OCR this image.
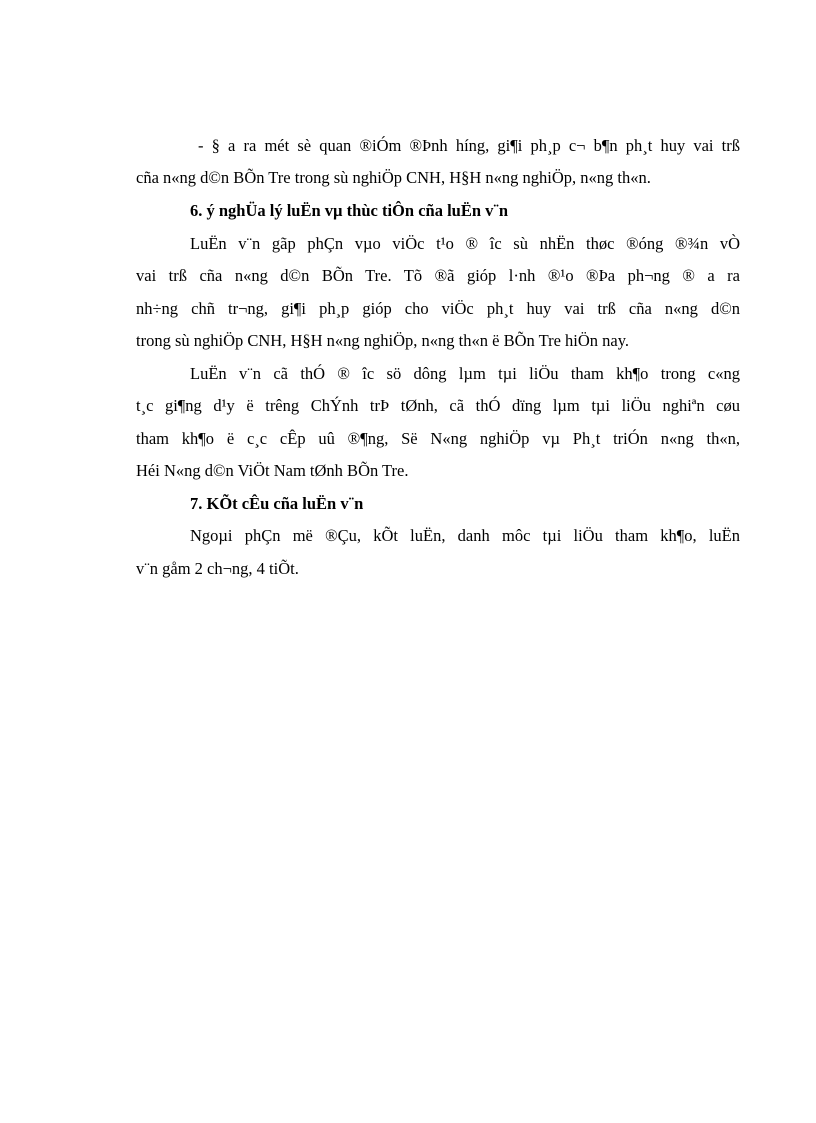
- § a ra mét sè quan ®iÓm ®Þnh híng, gi¶i ph¸p c¬ b¶n ph¸t huy vai trß

cña n«ng d©n BÕn Tre trong sù nghiÖp CNH, H§H n«ng nghiÖp, n«ng th«n.

6. ý nghÜa lý luËn vµ thùc tiÔn cña luËn v¨n

LuËn v¨n gãp phÇn vµo viÖc t¹o ® îc sù nhËn thøc ®óng ®¾n vÒ

vai trß cña n«ng d©n BÕn Tre. Tõ ®ã gióp l·nh ®¹o ®Þa ph¬ng ® a ra

nh÷ng chñ tr¬ng, gi¶i ph¸p gióp cho viÖc ph¸t huy vai trß cña n«ng d©n

trong sù nghiÖp CNH, H§H n«ng nghiÖp, n«ng th«n ë BÕn Tre hiÖn nay.

LuËn v¨n cã thÓ ® îc sö dông lµm tµi liÖu tham kh¶o trong c«ng

t¸c gi¶ng d¹y ë trêng ChÝnh trÞ tØnh, cã thÓ dïng lµm tµi liÖu nghiªn cøu

tham kh¶o ë c¸c cÊp uû ®¶ng, Së N«ng nghiÖp vµ Ph¸t triÓn n«ng th«n,

Héi N«ng d©n ViÖt Nam tØnh BÕn Tre.

7. KÕt cÊu cña luËn v¨n

Ngoµi phÇn më ®Çu, kÕt luËn, danh môc tµi liÖu tham kh¶o, luËn

v¨n gåm 2 ch¬ng, 4 tiÕt.
